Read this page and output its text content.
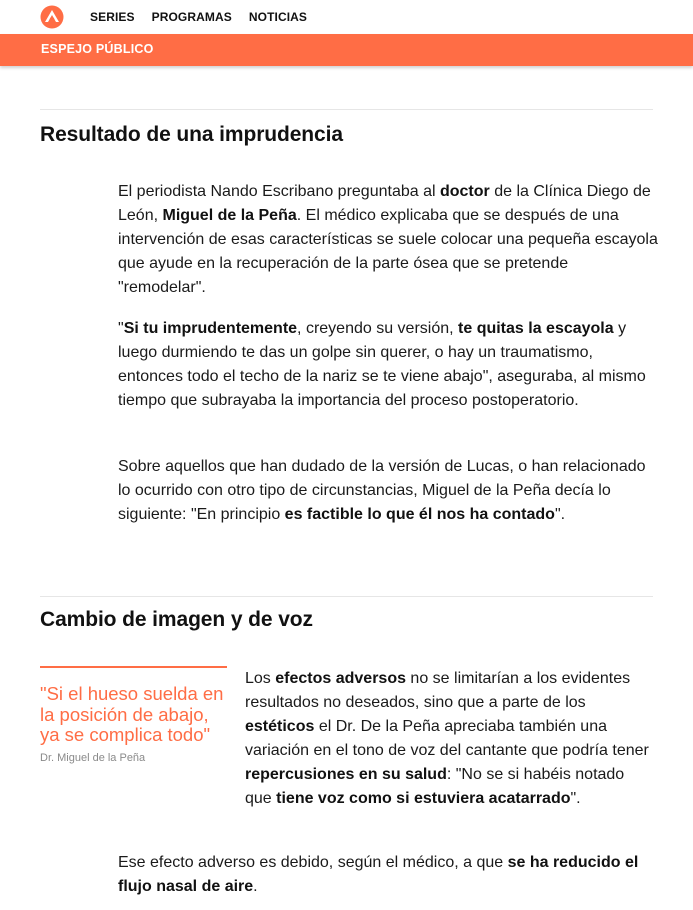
SERIES PROGRAMAS NOTICIAS
ESPEJO PÚBLICO
Resultado de una imprudencia

El periodista Nando Escribano preguntaba al doctor de la Clínica Diego de León, Miguel de la Peña. El médico explicaba que se después de una intervención de esas características se suele colocar una pequeña escayola que ayude en la recuperación de la parte ósea que se pretende "remodelar".

"Si tu imprudentemente, creyendo su versión, te quitas la escayola y luego durmiendo te das un golpe sin querer, o hay un traumatismo, entonces todo el techo de la nariz se te viene abajo", aseguraba, al mismo tiempo que subrayaba la importancia del proceso postoperatorio.

Sobre aquellos que han dudado de la versión de Lucas, o han relacionado lo ocurrido con otro tipo de circunstancias, Miguel de la Peña decía lo siguiente: "En principio es factible lo que él nos ha contado".

Cambio de imagen y de voz
"Si el hueso suelda en la posición de abajo, ya se complica todo"
Dr. Miguel de la Peña

Los efectos adversos no se limitarían a los evidentes resultados no deseados, sino que a parte de los estéticos el Dr. De la Peña apreciaba también una variación en el tono de voz del cantante que podría tener repercusiones en su salud: "No se si habéis notado que tiene voz como si estuviera acatarrado".

Ese efecto adverso es debido, según el médico, a que se ha reducido el flujo nasal de aire.
